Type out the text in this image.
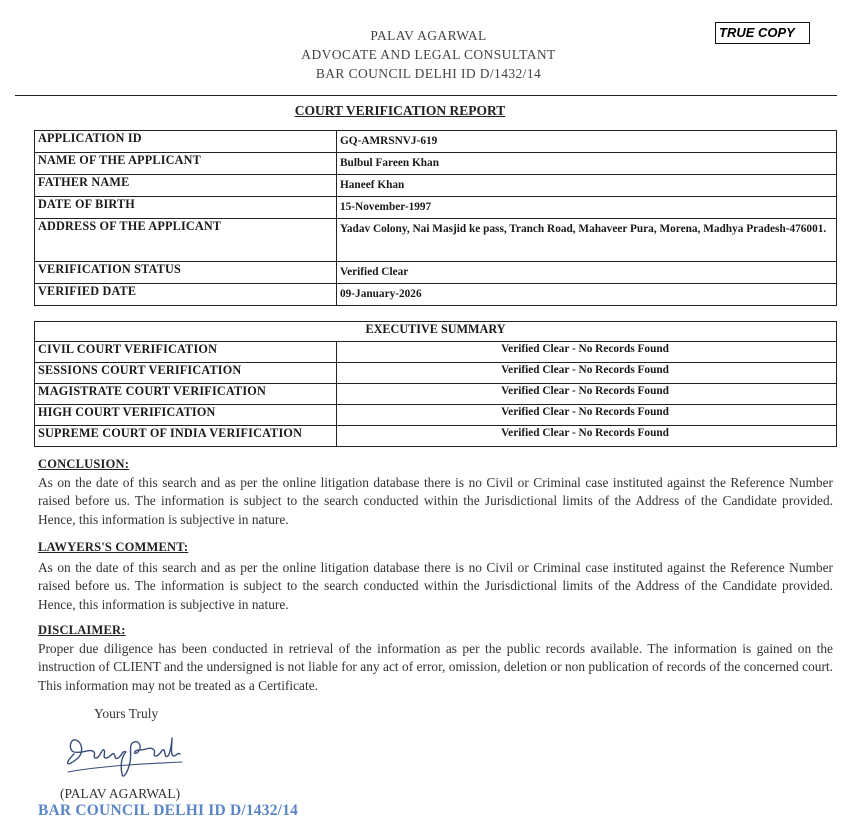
PALAV AGARWAL
ADVOCATE AND LEGAL CONSULTANT
BAR COUNCIL DELHI ID D/1432/14
TRUE COPY
COURT VERIFICATION REPORT
APPLICATION ID	GQ-AMRSNVJ-619
NAME OF THE APPLICANT	Bulbul Fareen Khan
FATHER NAME	Haneef Khan
DATE OF BIRTH	15-November-1997
ADDRESS OF THE APPLICANT	Yadav Colony, Nai Masjid ke pass, Tranch Road, Mahaveer Pura, Morena, Madhya Pradesh-476001.
VERIFICATION STATUS	Verified Clear
VERIFIED DATE	09-January-2026
EXECUTIVE SUMMARY	
CIVIL COURT VERIFICATION	Verified Clear - No Records Found
SESSIONS COURT VERIFICATION	Verified Clear - No Records Found
MAGISTRATE COURT VERIFICATION	Verified Clear - No Records Found
HIGH COURT VERIFICATION	Verified Clear - No Records Found
SUPREME COURT OF INDIA VERIFICATION	Verified Clear - No Records Found
CONCLUSION:
As on the date of this search and as per the online litigation database there is no Civil or Criminal case instituted against the Reference Number raised before us. The information is subject to the search conducted within the Jurisdictional limits of the Address of the Candidate provided. Hence, this information is subjective in nature.
LAWYERS'S COMMENT:
As on the date of this search and as per the online litigation database there is no Civil or Criminal case instituted against the Reference Number raised before us. The information is subject to the search conducted within the Jurisdictional limits of the Address of the Candidate provided. Hence, this information is subjective in nature.
DISCLAIMER:
Proper due diligence has been conducted in retrieval of the information as per the public records available. The information is gained on the instruction of CLIENT and the undersigned is not liable for any act of error, omission, deletion or non publication of records of the concerned court. This information may not be treated as a Certificate.
Yours Truly
(PALAV AGARWAL)
BAR COUNCIL DELHI ID D/1432/14
